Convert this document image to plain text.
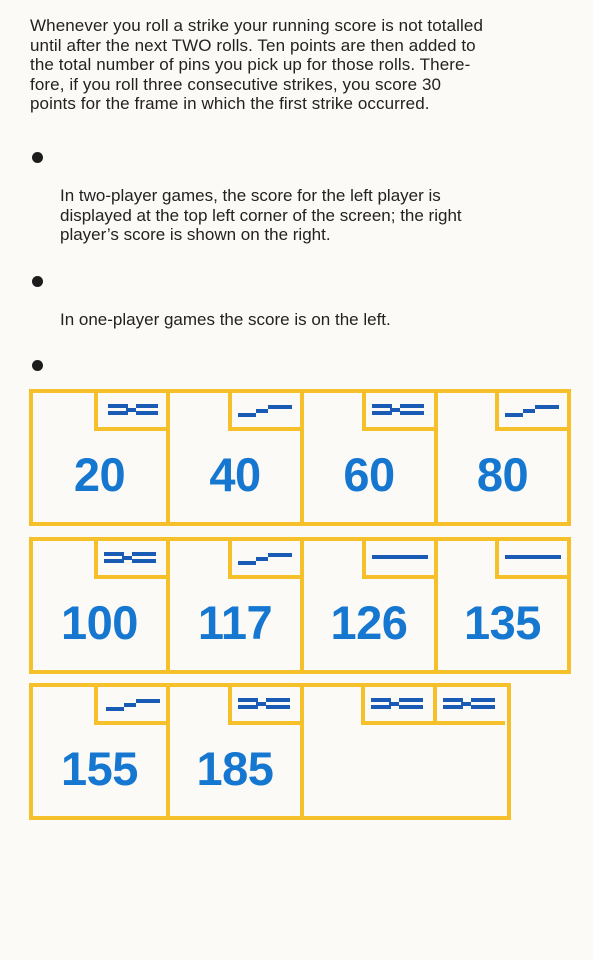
Whenever you roll a strike your running score is not totalled
until after the next TWO rolls. Ten points are then added to
the total number of pins you pick up for those rolls. There-
fore, if you roll three consecutive strikes, you score 30
points for the frame in which the first strike occurred.

In two-player games, the score for the left player is
displayed at the top left corner of the screen; the right
player’s score is shown on the right.

In one-player games the score is on the left.

20	40	60	80
100	117	126	135
155	185
